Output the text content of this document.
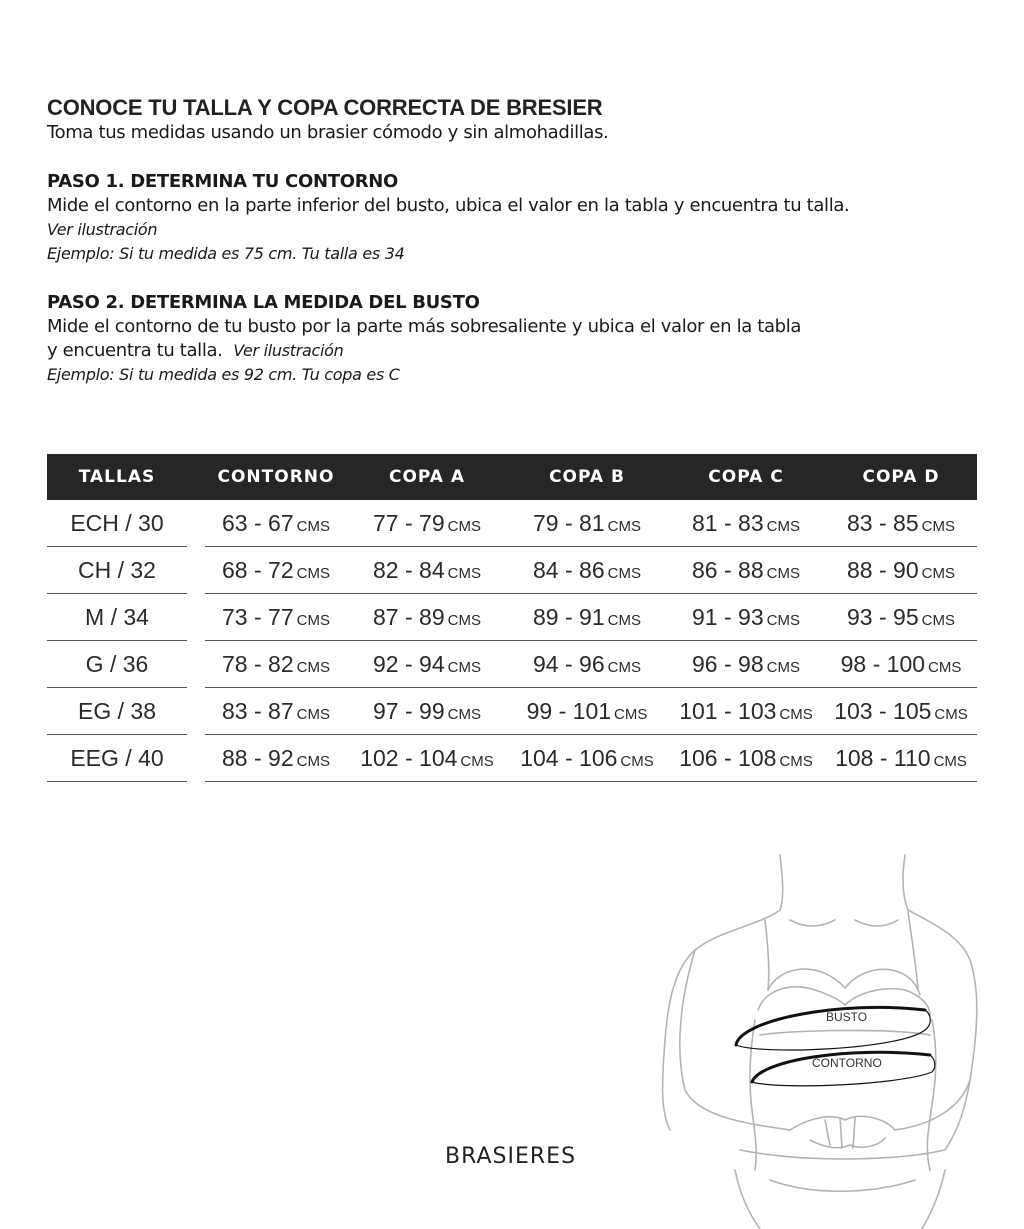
CONOCE TU TALLA Y COPA CORRECTA DE BRESIER
Toma tus medidas usando un brasier cómodo y sin almohadillas.
PASO 1. DETERMINA TU CONTORNO
Mide el contorno en la parte inferior del busto, ubica el valor en la tabla y encuentra tu talla.
Ver ilustración
Ejemplo: Si tu medida es 75 cm. Tu talla es 34
PASO 2. DETERMINA LA MEDIDA DEL BUSTO
Mide el contorno de tu busto por la parte más sobresaliente y ubica el valor en la tabla
y encuentra tu talla. Ver ilustración
Ejemplo: Si tu medida es 92 cm. Tu copa es C
TALLAS		CONTORNO	COPA A	COPA B	COPA C	COPA D
ECH / 30		63 - 67 CMS	77 - 79 CMS	79 - 81 CMS	81 - 83 CMS	83 - 85 CMS
CH / 32		68 - 72 CMS	82 - 84 CMS	84 - 86 CMS	86 - 88 CMS	88 - 90 CMS
M / 34		73 - 77 CMS	87 - 89 CMS	89 - 91 CMS	91 - 93 CMS	93 - 95 CMS
G / 36		78 - 82 CMS	92 - 94 CMS	94 - 96 CMS	96 - 98 CMS	98 - 100 CMS
EG / 38		83 - 87 CMS	97 - 99 CMS	99 - 101 CMS	101 - 103 CMS	103 - 105 CMS
EEG / 40		88 - 92 CMS	102 - 104 CMS	104 - 106 CMS	106 - 108 CMS	108 - 110 CMS
BUSTO
CONTORNO
BRASIERES
